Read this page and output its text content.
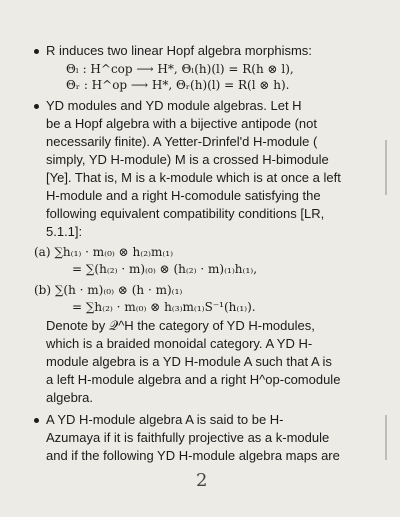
R induces two linear Hopf algebra morphisms:
Θₗ : H^cop ⟶ H*, Θₗ(h)(l) = R(h ⊗ l),
Θᵣ : H^op ⟶ H*, Θᵣ(h)(l) = R(l ⊗ h).
YD modules and YD module algebras. Let H
be a Hopf algebra with a bijective antipode (not
necessarily finite). A Yetter-Drinfel'd H-module (
simply, YD H-module) M is a crossed H-bimodule
[Ye]. That is, M is a k-module which is at once a left
H-module and a right H-comodule satisfying the
following equivalent compatibility conditions [LR,
5.1.1]:
(a) ∑h₍₁₎ · m₍₀₎ ⊗ h₍₂₎m₍₁₎
= ∑(h₍₂₎ · m)₍₀₎ ⊗ (h₍₂₎ · m)₍₁₎h₍₁₎,
(b) ∑(h · m)₍₀₎ ⊗ (h · m)₍₁₎
= ∑h₍₂₎ · m₍₀₎ ⊗ h₍₃₎m₍₁₎S⁻¹(h₍₁₎).
Denote by 𝒬^H the category of YD H-modules,
which is a braided monoidal category. A YD H-
module algebra is a YD H-module A such that A is
a left H-module algebra and a right H^op-comodule
algebra.
A YD H-module algebra A is said to be H-
Azumaya if it is faithfully projective as a k-module
and if the following YD H-module algebra maps are
2
